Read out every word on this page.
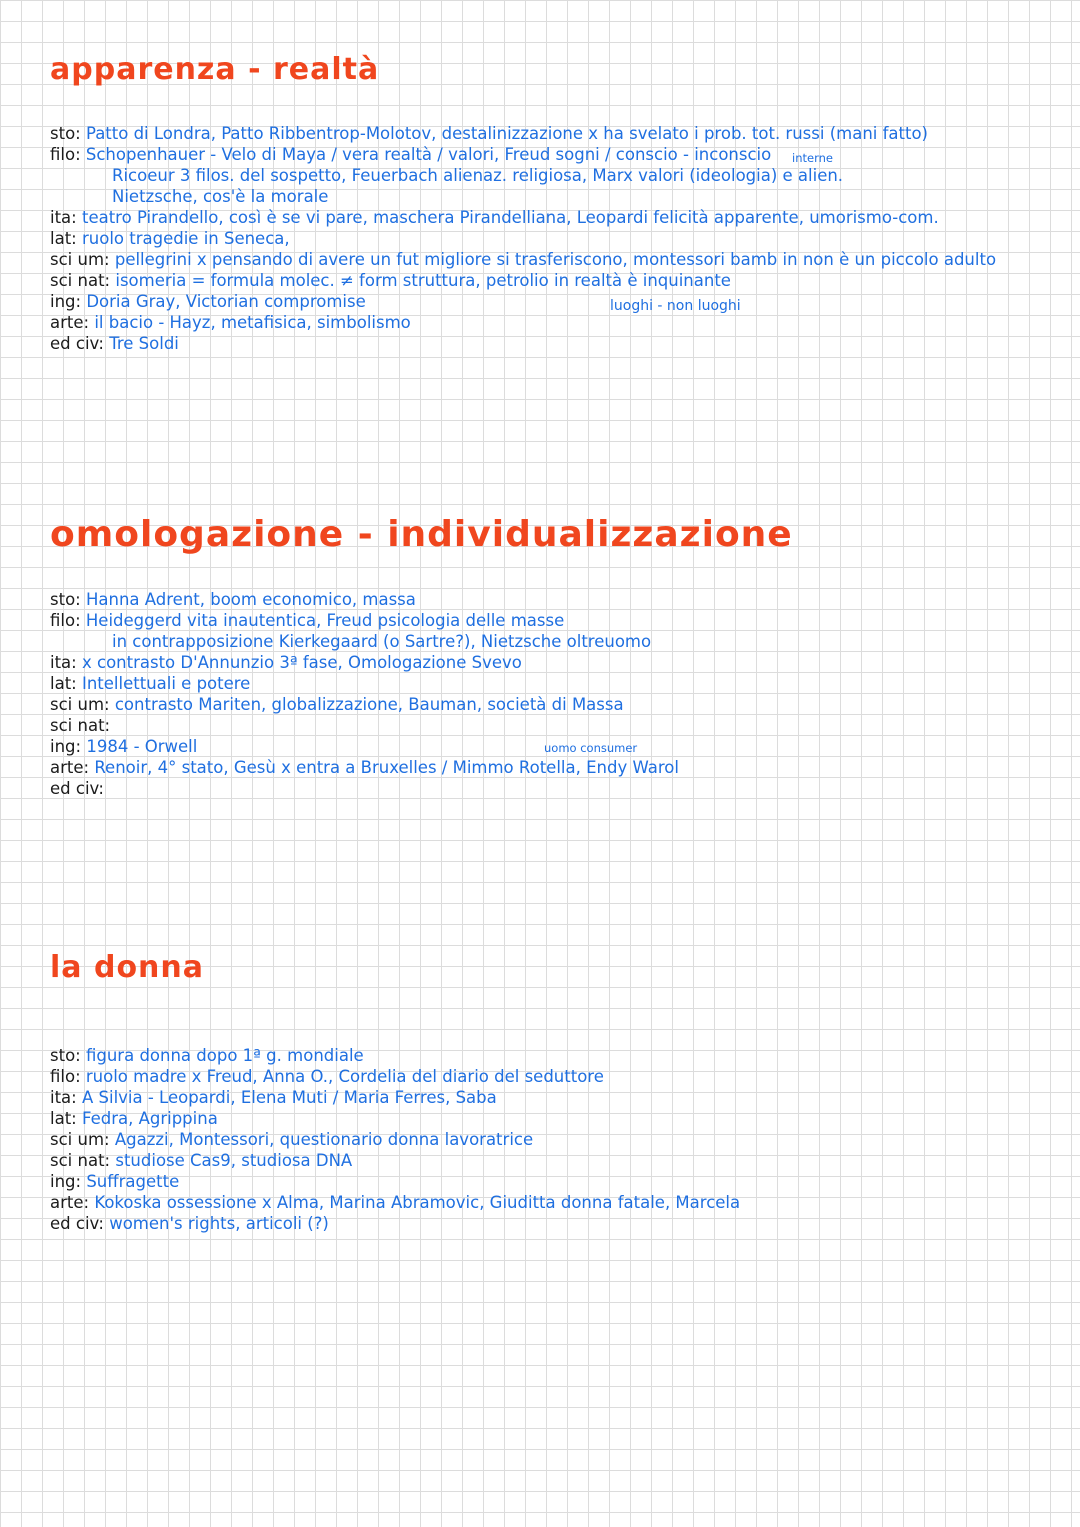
apparenza - realtà
sto: Patto di Londra, Patto Ribbentrop-Molotov, destalinizzazione x ha svelato i prob. tot. russi (mani fatto)
filo: Schopenhauer - Velo di Maya / vera realtà / valori, Freud sogni / conscio - inconscio
Ricoeur 3 filos. del sospetto, Feuerbach alienaz. religiosa, Marx valori (ideologia) e alien.
Nietzsche, cos'è la morale
ita: teatro Pirandello, così è se vi pare, maschera Pirandelliana, Leopardi felicità apparente, umorismo-com.
lat: ruolo tragedie in Seneca,
sci um: pellegrini x pensando di avere un fut migliore si trasferiscono, montessori bamb in non è un piccolo adulto
sci nat: isomeria = formula molec. ≠ form struttura, petrolio in realtà è inquinante
ing: Doria Gray, Victorian compromise
arte: il bacio - Hayz, metafisica, simbolismo
ed civ: Tre Soldi
luoghi - non luoghi
interne
omologazione - individualizzazione
sto: Hanna Adrent, boom economico, massa
filo: Heideggerd vita inautentica, Freud psicologia delle masse
in contrapposizione Kierkegaard (o Sartre?), Nietzsche oltreuomo
ita: x contrasto D'Annunzio 3ª fase, Omologazione Svevo
lat: Intellettuali e potere
sci um: contrasto Mariten, globalizzazione, Bauman, società di Massa
sci nat:
ing: 1984 - Orwell
arte: Renoir, 4° stato, Gesù x entra a Bruxelles / Mimmo Rotella, Endy Warol
ed civ:
uomo consumer
la donna
sto: figura donna dopo 1ª g. mondiale
filo: ruolo madre x Freud, Anna O., Cordelia del diario del seduttore
ita: A Silvia - Leopardi, Elena Muti / Maria Ferres, Saba
lat: Fedra, Agrippina
sci um: Agazzi, Montessori, questionario donna lavoratrice
sci nat: studiose Cas9, studiosa DNA
ing: Suffragette
arte: Kokoska ossessione x Alma, Marina Abramovic, Giuditta donna fatale, Marcela
ed civ: women's rights, articoli (?)
